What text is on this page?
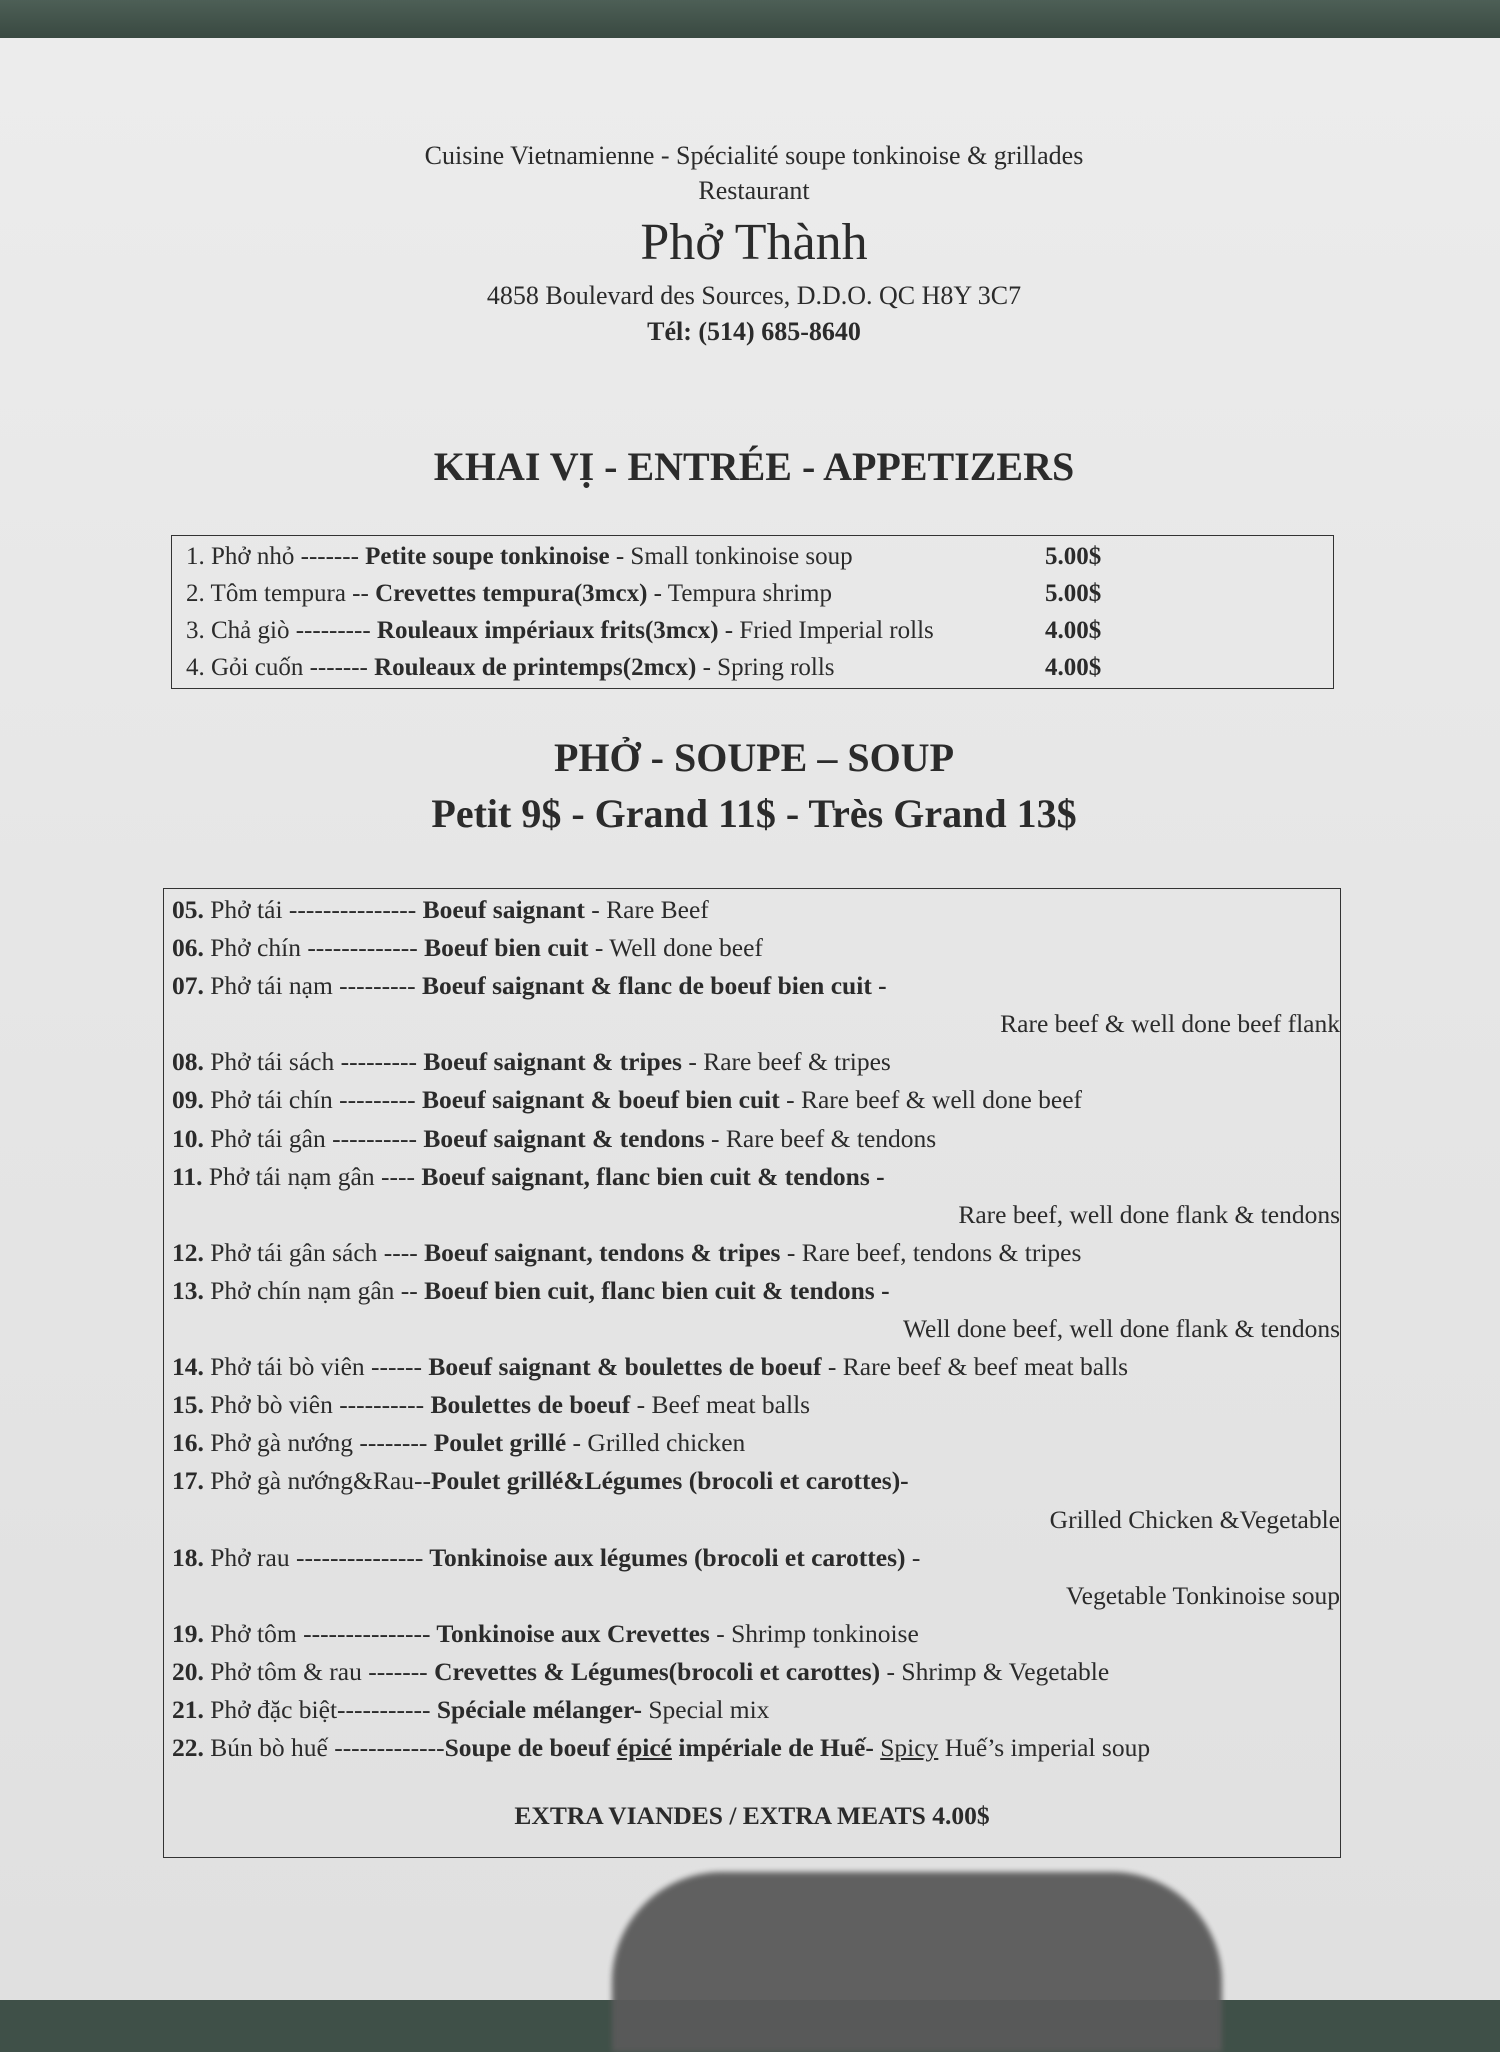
Cuisine Vietnamienne - Spécialité soupe tonkinoise & grillades
Restaurant
Phở Thành
4858 Boulevard des Sources, D.D.O. QC H8Y 3C7
Tél: (514) 685-8640
KHAI VỊ - ENTRÉE - APPETIZERS
1. Phở nhỏ ------- Petite soupe tonkinoise - Small tonkinoise soup	5.00$
2. Tôm tempura -- Crevettes tempura(3mcx) - Tempura shrimp	5.00$
3. Chả giò --------- Rouleaux impériaux frits(3mcx) - Fried Imperial rolls	4.00$
4. Gỏi cuốn ------- Rouleaux de printemps(2mcx) - Spring rolls	4.00$
PHỞ - SOUPE – SOUP
Petit 9$ - Grand 11$ - Très Grand 13$
05. Phở tái --------------- Boeuf saignant - Rare Beef
06. Phở chín ------------- Boeuf bien cuit - Well done beef
07. Phở tái nạm --------- Boeuf saignant & flanc de boeuf bien cuit -
Rare beef & well done beef flank
08. Phở tái sách --------- Boeuf saignant & tripes - Rare beef & tripes
09. Phở tái chín --------- Boeuf saignant & boeuf bien cuit - Rare beef & well done beef
10. Phở tái gân ---------- Boeuf saignant & tendons - Rare beef & tendons
11. Phở tái nạm gân ---- Boeuf saignant, flanc bien cuit & tendons -
Rare beef, well done flank & tendons
12. Phở tái gân sách ---- Boeuf saignant, tendons & tripes - Rare beef, tendons & tripes
13. Phở chín nạm gân -- Boeuf bien cuit, flanc bien cuit & tendons -
Well done beef, well done flank & tendons
14. Phở tái bò viên ------ Boeuf saignant & boulettes de boeuf - Rare beef & beef meat balls
15. Phở bò viên ---------- Boulettes de boeuf - Beef meat balls
16. Phở gà nướng -------- Poulet grillé - Grilled chicken
17. Phở gà nướng&Rau--Poulet grillé&Légumes (brocoli et carottes)-
Grilled Chicken &Vegetable
18. Phở rau --------------- Tonkinoise aux légumes (brocoli et carottes) -
Vegetable Tonkinoise soup
19. Phở tôm --------------- Tonkinoise aux Crevettes - Shrimp tonkinoise
20. Phở tôm & rau ------- Crevettes & Légumes(brocoli et carottes) - Shrimp & Vegetable
21. Phở đặc biệt----------- Spéciale mélanger- Special mix
22. Bún bò huế -------------Soupe de boeuf épicé impériale de Huế- Spicy Huế’s imperial soup
EXTRA VIANDES / EXTRA MEATS 4.00$
